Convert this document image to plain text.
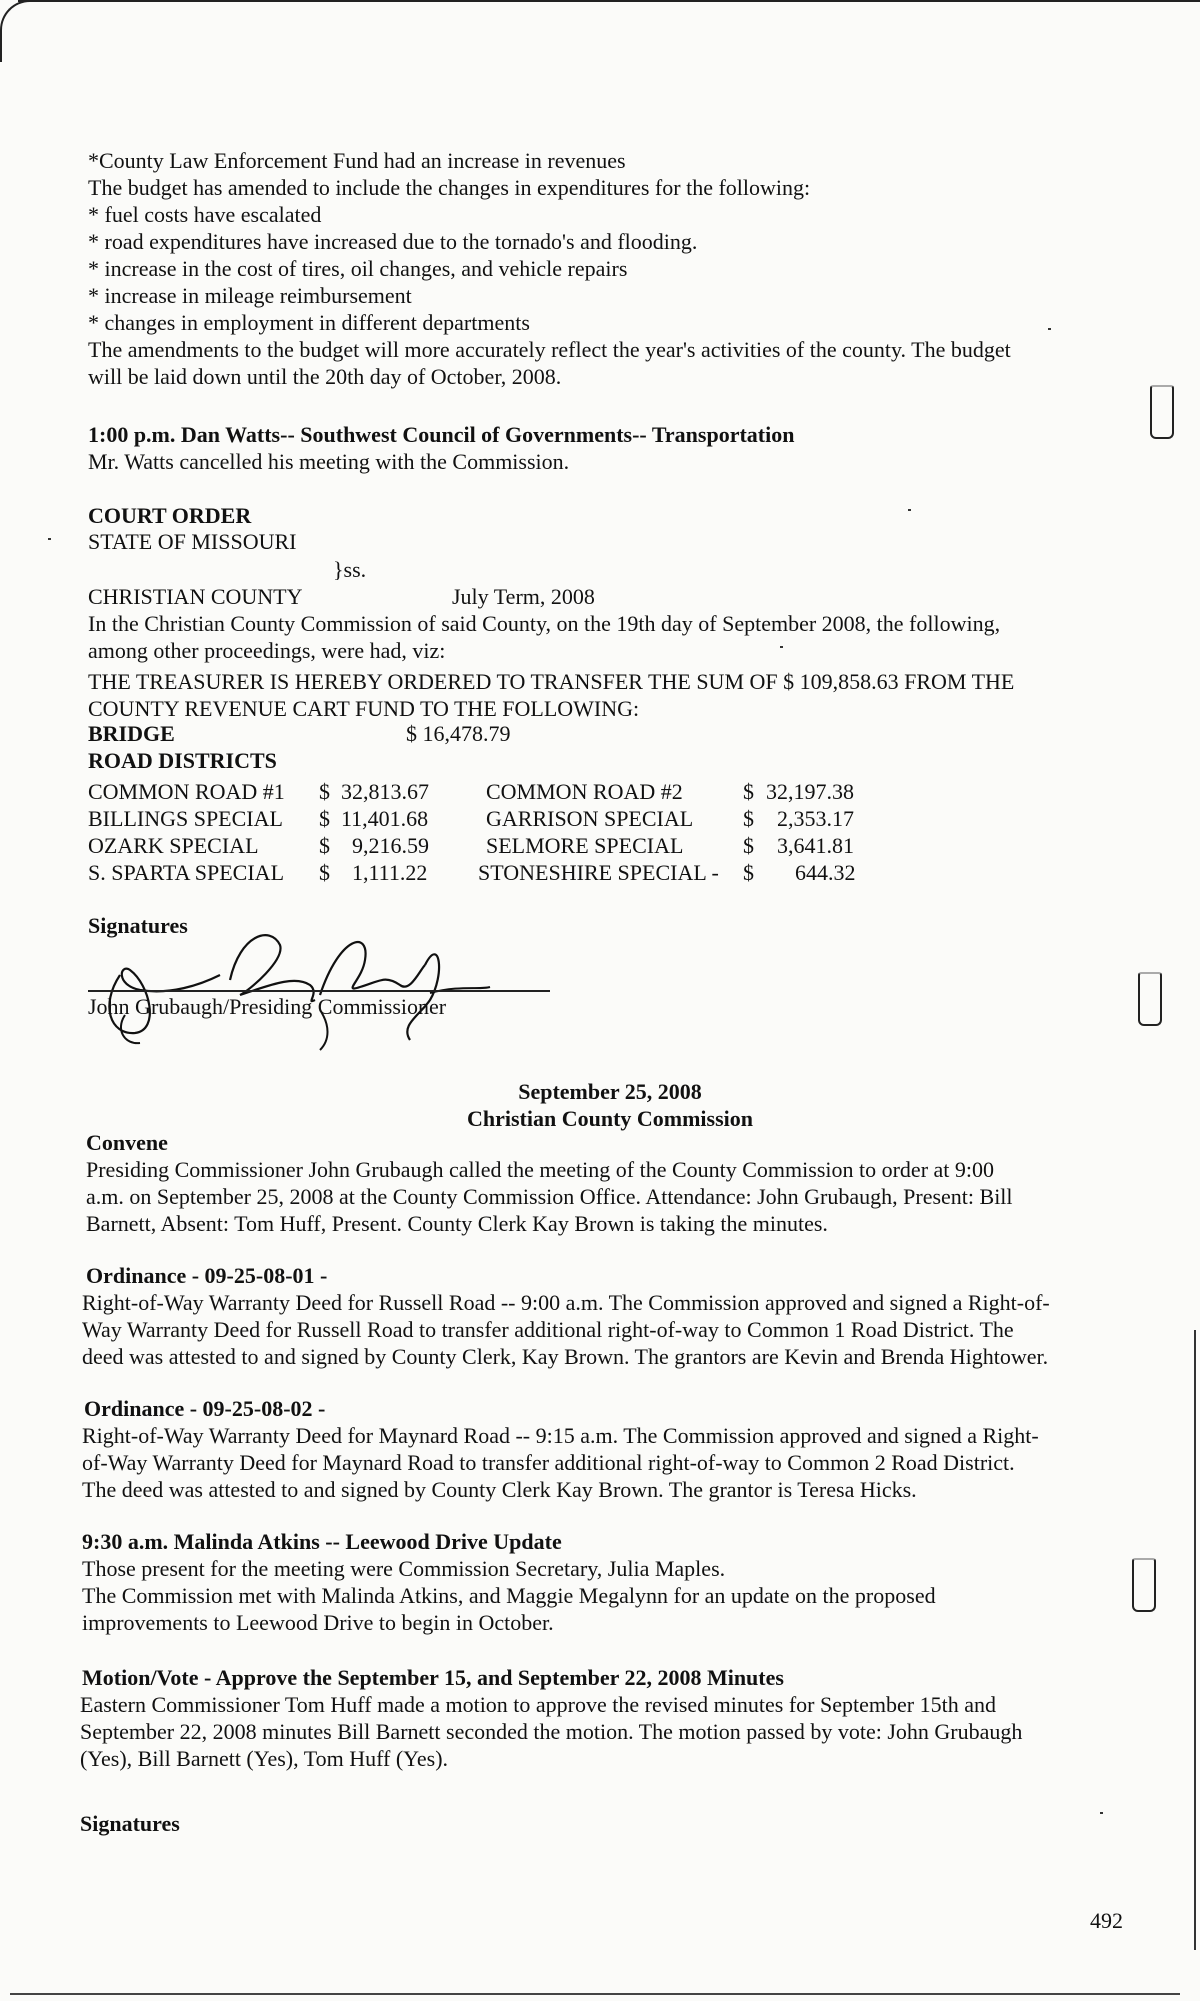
*County Law Enforcement Fund had an increase in revenues
The budget has amended to include the changes in expenditures for the following:
* fuel costs have escalated
* road expenditures have increased due to the tornado's and flooding.
* increase in the cost of tires, oil changes, and vehicle repairs
* increase in mileage reimbursement
* changes in employment in different departments
The amendments to the budget will more accurately reflect the year's activities of the county. The budget
will be laid down until the 20th day of October, 2008.
1:00 p.m. Dan Watts-- Southwest Council of Governments-- Transportation
Mr. Watts cancelled his meeting with the Commission.
COURT ORDER
STATE OF MISSOURI
}ss.
CHRISTIAN COUNTY	July Term, 2008
In the Christian County Commission of said County, on the 19th day of September 2008, the following,
among other proceedings, were had, viz:
THE TREASURER IS HEREBY ORDERED TO TRANSFER THE SUM OF $ 109,858.63 FROM THE
COUNTY REVENUE CART FUND TO THE FOLLOWING:
BRIDGE	$ 16,478.79
ROAD DISTRICTS
COMMON ROAD #1 $ 32,813.67	COMMON ROAD #2	$ 32,197.38
BILLINGS SPECIAL $ 11,401.68	GARRISON SPECIAL $ 2,353.17
OZARK SPECIAL	$ 9,216.59	SELMORE SPECIAL	$ 3,641.81
S. SPARTA SPECIAL $ 1,111.22 STONESHIRE SPECIAL - $ 644.32
Signatures
John Grubaugh/Presiding Commissioner
September 25, 2008
Christian County Commission
Convene
Presiding Commissioner John Grubaugh called the meeting of the County Commission to order at 9:00
a.m. on September 25, 2008 at the County Commission Office. Attendance: John Grubaugh, Present: Bill
Barnett, Absent: Tom Huff, Present. County Clerk Kay Brown is taking the minutes.
Ordinance - 09-25-08-01 -
Right-of-Way Warranty Deed for Russell Road -- 9:00 a.m. The Commission approved and signed a Right-of-
Way Warranty Deed for Russell Road to transfer additional right-of-way to Common 1 Road District. The
deed was attested to and signed by County Clerk, Kay Brown. The grantors are Kevin and Brenda Hightower.
Ordinance - 09-25-08-02 -
Right-of-Way Warranty Deed for Maynard Road -- 9:15 a.m. The Commission approved and signed a Right-
of-Way Warranty Deed for Maynard Road to transfer additional right-of-way to Common 2 Road District.
The deed was attested to and signed by County Clerk Kay Brown. The grantor is Teresa Hicks.
9:30 a.m. Malinda Atkins -- Leewood Drive Update
Those present for the meeting were Commission Secretary, Julia Maples.
The Commission met with Malinda Atkins, and Maggie Megalynn for an update on the proposed
improvements to Leewood Drive to begin in October.
Motion/Vote - Approve the September 15, and September 22, 2008 Minutes
Eastern Commissioner Tom Huff made a motion to approve the revised minutes for September 15th and
September 22, 2008 minutes Bill Barnett seconded the motion. The motion passed by vote: John Grubaugh
(Yes), Bill Barnett (Yes), Tom Huff (Yes).
Signatures
492
